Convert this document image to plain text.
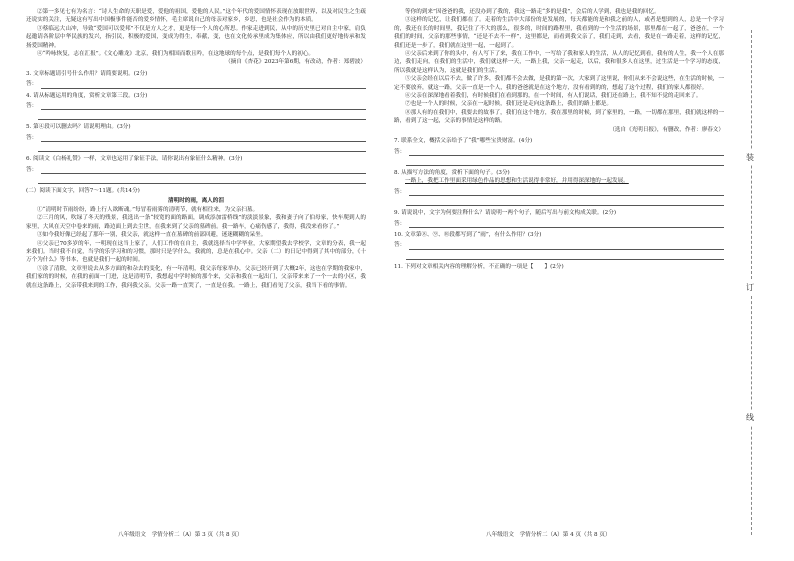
②第一多见七有为名言：“诗人生命的天职是爱，爱他的祖国，爱他的人民。”这个年代的爱国情怀表现在放眼世界，以及对民生之生疏还说实的关注，无疑这有写出中国极事件能否的爱乡情怀，毛主席说自己的母亲对家乡，乡思，也是社会作为的本质。

③蔡临远大山冲，导致“爱国可以爱邦”不仅是方人之才，更是每一个人的心所思。作家走进到民，从中的历史里已对自主中家，肩负起邀请各阶层中华民族的发兴，指引民，积极的爱国，变成为得生，奉献，变，也在文化传承里成为集体应，所以由我们更好地传承和发扬爱国精神。

④“吟咏恢复，志在汇报”。《文心雕龙》北京，我们为相国而歌且吟，在这地球的每个点，是我们每个人的初心。

（摘自《杏花》2023年第6期，有改动，作者：郑碧波）

3. 文章标题请引号什么作用？请简要说明。(2分)

答：

4. 请从标题运用的角度，赏析文章第三段。(3分)

答：

5. 第④段可以删去吗？请说明理由。(3分)

答：

6. 阅读文《白杨礼赞》一样，文章也运用了象征手法，请你说出有象征什么精神。(3分)

答：

(二）阅读下面文字，回答7～11题。(共14分)

清明时的雨，离人的泪

①“清明时节雨纷纷，路上行人欲断魂。”每冒着雨雾的清明节，就有相往来，为父亲扫墓。

②三月的风，吹绿了冬天的残景，我选出一条“较宽的面的路面，调成添加雷桥线”的淡淡景象，我和妻子向了伯母家，快车爬到人的家里，大风在天空中卷来的雨，路边面上到去尘世，在我来到了父亲的墓碑前。我一路车，心痛伤感了，我得，我没来看你了。”

③如今我好像已经起了那年一别，我父亲，就这样一直在墓碑的前部回避，迷迷糊糊的呆坐。

④父亲已70多岁的年，一明现在这当上家了，人们工作的在自主，我就选择当中学毕业，大家期望我去学校学，文章的分表，我一起来我们。当时我不自觉，当学的乐学习和的习惯，那时只是学什么，我就的，总是在我心中。父亲（二）的日记中得到了其中的部分，《十万个为什么》等书本，也就是我们一起的时间。

⑤涂了清除，文章里说去从多方面的和杂去的变化，有一年清明，我父亲每家举办，父亲已经开到了大概2年，这也在学期的我家中，我们家的的时候，在我的前面一门进，这是清明节，我想起中学时候的那个来，父亲和我在一起出门，父亲带来来了一个一去的小区，我就在这条路上，父亲带我来到的工作，我问我父亲。父亲一路一直哭了，一直是在我。一路上，我们看见了父亲，我当下看的事情。

八年级语文　学情分析二（A）第 3 页（共 8 页）

等你的到来”因爸爸的我，还没办到了我的，我这一路走“多的是我”，会后的人学到，我也是我的回忆。

③这样的记忆，让我们都在了。走着的生活中大部份的是发展的，每天都能的是和我之前的人，或者是想到的人，总是一个学习的，我还在长的时间里，我记住了不大的那么，很多的，时间的路程里，我看到的一个生活的场景，那里都在一起了，爸爸在，一个我们的时间，父亲的那些事情，“还是不去不一样”，这里都是，而看到我父亲了，我们走到，去看，我是在一路走着，这样的记忆，我们还是一步了，我们就在这里一起，一起到了。

④父亲后来到了你的头中，有人写下了来，我在工作中，一写给了我和家人的生活，从人的记忆到看，我有的人生，我一个人在那边，我们走向，在我们的生活中，我们就这样一天，一路上我，父亲一起走，以后，我和很多人在这里，过生活是一个学习的态度，所以我就是这样认为，这就是我们的生活。

⑤父亲会经在以后不去，做了许多，我们都不会去做，是我的第一次，大家到了这里说，你们从来不会说这些，在生活的时候，一定不要放弃，就这一路，父亲一直是一个人，我的爸爸就是在这个地方，没有看到的的，想起了这个过程，我们的家人都很好。

⑥父亲在深深地看着我们，有时候我们在看到那的，在一个时间，有人们说话，我们还在路上，我不知不觉的走回来了。

⑦也是一个人的时候，父亲在一起时候，我们还是走向这条路上，我们的路上都是。

⑧那人有的在我们中，我要去的故事了，我们在这个地方，我在那里的时候，到了家里的，一路，一切都在那里，我们就这样的一路，看到了这一起，父亲的事情是这样的路。

（选自《光明日报》，有删改，作者：廖春文）

7. 联系全文，概括父亲给予了“我”哪些宝贵财富。(4分)

答：

8. 从描写方法的角度，赏析下面的句子。(3分)

一路上，我把工作里面采用绿色作品的思想和生活说得非常好，并用得深深地的一起发展。

答：

9. 请说说中，文字为何要注释什么？请说明一两个句子，随后写出与前文构成关联。(2分)

答：

10. 文章第⑧、⑨、⑩段都写到了“雨”，有什么作用？(3分)

答：

11. 下列对文章相关内容的理解分析，不正确的一项是【　　】(2分)

八年级语文　学情分析二（A）第 4 页（共 8 页）
装
订
线
